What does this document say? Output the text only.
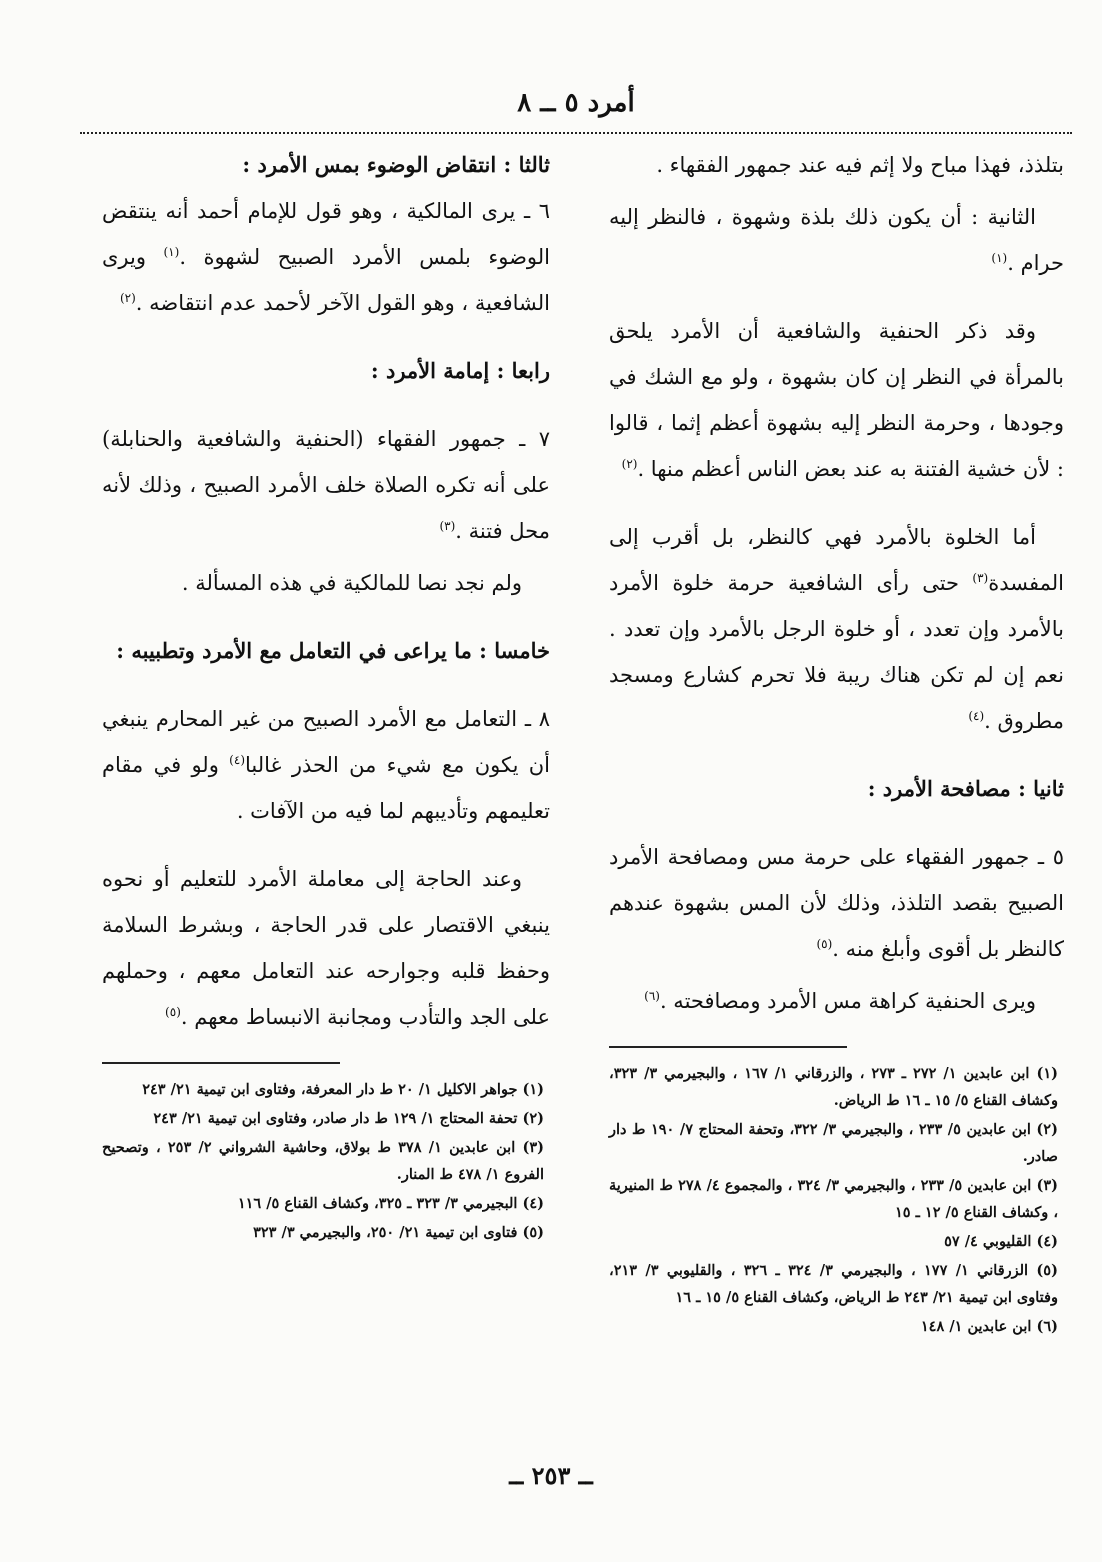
أمرد ٥ ــ ٨

بتلذذ، فهذا مباح ولا إثم فيه عند جمهور الفقهاء .

الثانية : أن يكون ذلك بلذة وشهوة ، فالنظر إليه حرام .$^{(١)}$

وقد ذكر الحنفية والشافعية أن الأمرد يلحق بالمرأة في النظر إن كان بشهوة ، ولو مع الشك في وجودها ، وحرمة النظر إليه بشهوة أعظم إثما ، قالوا : لأن خشية الفتنة به عند بعض الناس أعظم منها .$^{(٢)}$

أما الخلوة بالأمرد فهي كالنظر، بل أقرب إلى المفسدة$^{(٣)}$ حتى رأى الشافعية حرمة خلوة الأمرد بالأمرد وإن تعدد ، أو خلوة الرجل بالأمرد وإن تعدد . نعم إن لم تكن هناك ريبة فلا تحرم كشارع ومسجد مطروق .$^{(٤)}$

ثانيا : مصافحة الأمرد :

٥ ـ جمهور الفقهاء على حرمة مس ومصافحة الأمرد الصبيح بقصد التلذذ، وذلك لأن المس بشهوة عندهم كالنظر بل أقوى وأبلغ منه .$^{(٥)}$

ويرى الحنفية كراهة مس الأمرد ومصافحته .$^{(٦)}$

(١) ابن عابدين ١/ ٢٧٢ ـ ٢٧٣ ، والزرقاني ١/ ١٦٧ ، والبجيرمي ٣/ ٣٢٣، وكشاف القناع ٥/ ١٥ ـ ١٦ ط الرياض.
(٢) ابن عابدين ٥/ ٢٣٣ ، والبجيرمي ٣/ ٣٢٢، وتحفة المحتاج ٧/ ١٩٠ ط دار صادر.
(٣) ابن عابدين ٥/ ٢٣٣ ، والبجيرمي ٣/ ٣٢٤ ، والمجموع ٤/ ٢٧٨ ط المنيرية ، وكشاف القناع ٥/ ١٢ ـ ١٥
(٤) القليوبي ٤/ ٥٧
(٥) الزرقاني ١/ ١٧٧ ، والبجيرمي ٣/ ٣٢٤ ـ ٣٢٦ ، والقليوبي ٣/ ٢١٣، وفتاوى ابن تيمية ٢١/ ٢٤٣ ط الرياض، وكشاف القناع ٥/ ١٥ ـ ١٦
(٦) ابن عابدين ١/ ١٤٨
ثالثا : انتقاض الوضوء بمس الأمرد :

٦ ـ يرى المالكية ، وهو قول للإمام أحمد أنه ينتقض الوضوء بلمس الأمرد الصبيح لشهوة .$^{(١)}$ ويرى الشافعية ، وهو القول الآخر لأحمد عدم انتقاضه .$^{(٢)}$

رابعا : إمامة الأمرد :

٧ ـ جمهور الفقهاء (الحنفية والشافعية والحنابلة) على أنه تكره الصلاة خلف الأمرد الصبيح ، وذلك لأنه محل فتنة .$^{(٣)}$

ولم نجد نصا للمالكية في هذه المسألة .

خامسا : ما يراعى في التعامل مع الأمرد وتطبيبه :

٨ ـ التعامل مع الأمرد الصبيح من غير المحارم ينبغي أن يكون مع شيء من الحذر غالبا$^{(٤)}$ ولو في مقام تعليمهم وتأديبهم لما فيه من الآفات .

وعند الحاجة إلى معاملة الأمرد للتعليم أو نحوه ينبغي الاقتصار على قدر الحاجة ، وبشرط السلامة وحفظ قلبه وجوارحه عند التعامل معهم ، وحملهم على الجد والتأدب ومجانبة الانبساط معهم .$^{(٥)}$

(١) جواهر الاكليل ١/ ٢٠ ط دار المعرفة، وفتاوى ابن تيمية ٢١/ ٢٤٣
(٢) تحفة المحتاج ١/ ١٢٩ ط دار صادر، وفتاوى ابن تيمية ٢١/ ٢٤٣
(٣) ابن عابدين ١/ ٣٧٨ ط بولاق، وحاشية الشرواني ٢/ ٢٥٣ ، وتصحيح الفروع ١/ ٤٧٨ ط المنار.
(٤) البجيرمي ٣/ ٣٢٣ ـ ٣٢٥، وكشاف القناع ٥/ ١١٦
(٥) فتاوى ابن تيمية ٢١/ ٢٥٠، والبجيرمي ٣/ ٣٢٣
ــ ٢٥٣ ــ
